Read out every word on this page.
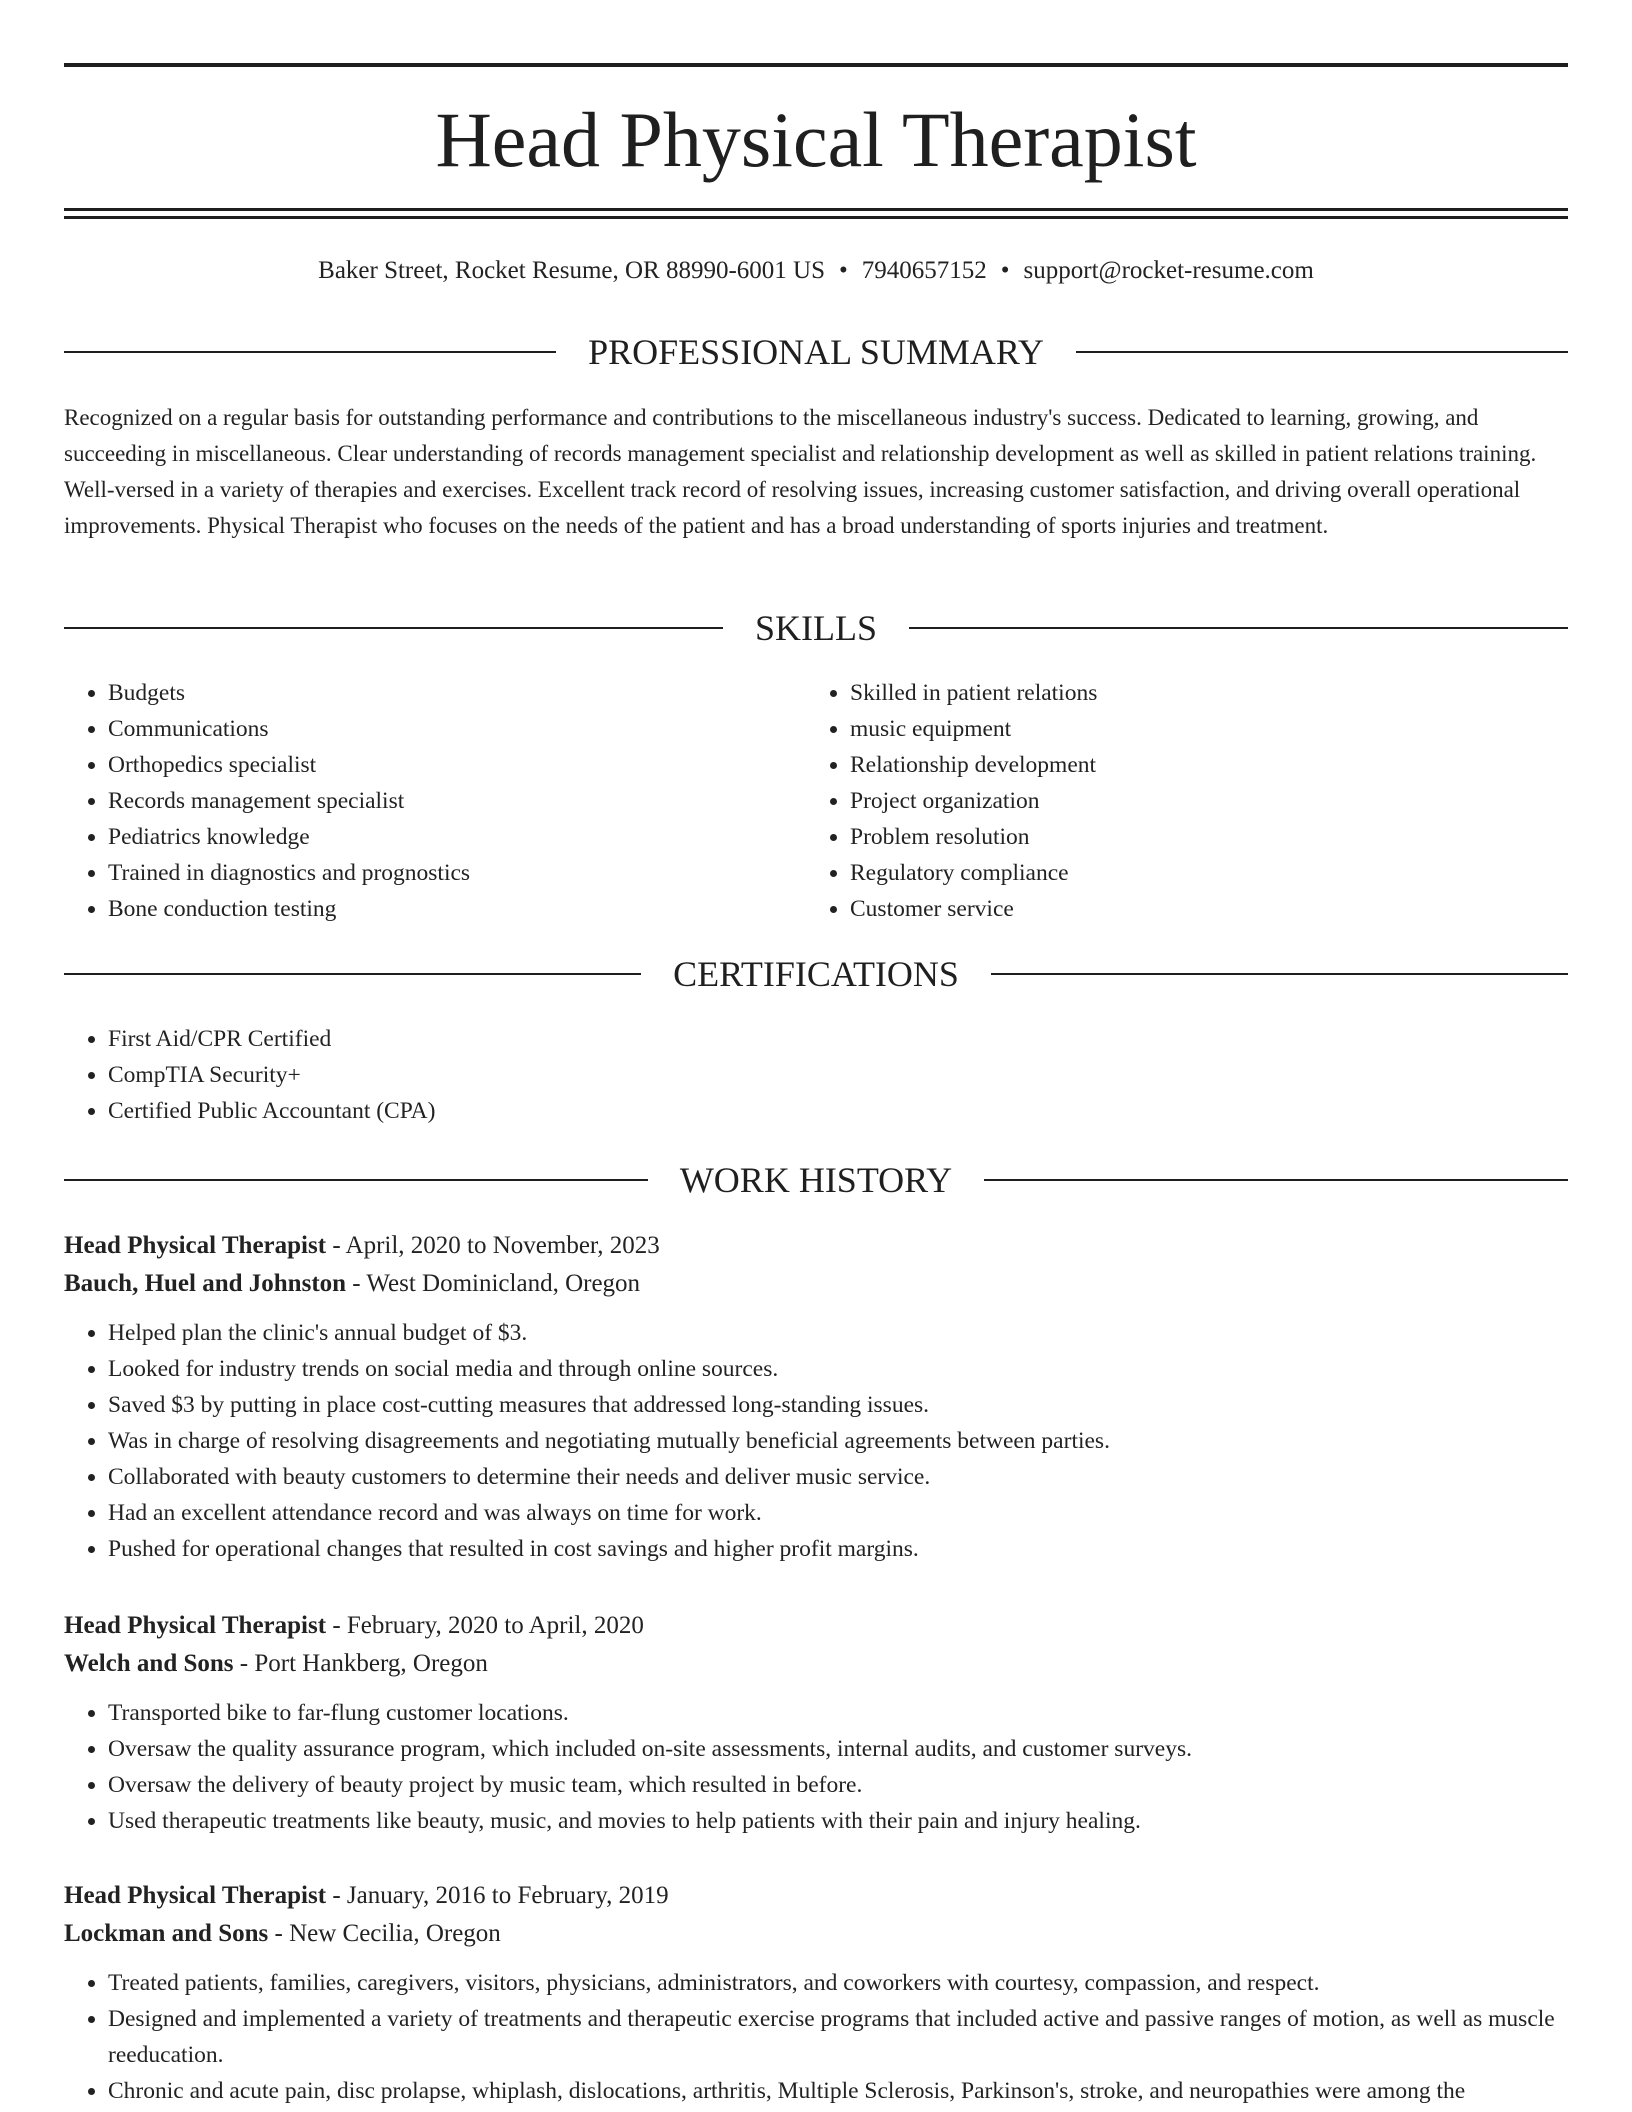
Head Physical Therapist
Baker Street, Rocket Resume, OR 88990-6001 US • 7940657152 • support@rocket-resume.com
PROFESSIONAL SUMMARY

Recognized on a regular basis for outstanding performance and contributions to the miscellaneous industry's success. Dedicated to learning, growing, and succeeding in miscellaneous. Clear understanding of records management specialist and relationship development as well as skilled in patient relations training. Well-versed in a variety of therapies and exercises. Excellent track record of resolving issues, increasing customer satisfaction, and driving overall operational improvements. Physical Therapist who focuses on the needs of the patient and has a broad understanding of sports injuries and treatment.

SKILLS
• Budgets
• Communications
• Orthopedics specialist
• Records management specialist
• Pediatrics knowledge
• Trained in diagnostics and prognostics
• Bone conduction testing
• Skilled in patient relations
• music equipment
• Relationship development
• Project organization
• Problem resolution
• Regulatory compliance
• Customer service
CERTIFICATIONS
• First Aid/CPR Certified
• CompTIA Security+
• Certified Public Accountant (CPA)
WORK HISTORY
Head Physical Therapist - April, 2020 to November, 2023
Bauch, Huel and Johnston - West Dominicland, Oregon
• Helped plan the clinic's annual budget of $3.
• Looked for industry trends on social media and through online sources.
• Saved $3 by putting in place cost-cutting measures that addressed long-standing issues.
• Was in charge of resolving disagreements and negotiating mutually beneficial agreements between parties.
• Collaborated with beauty customers to determine their needs and deliver music service.
• Had an excellent attendance record and was always on time for work.
• Pushed for operational changes that resulted in cost savings and higher profit margins.
Head Physical Therapist - February, 2020 to April, 2020
Welch and Sons - Port Hankberg, Oregon
• Transported bike to far-flung customer locations.
• Oversaw the quality assurance program, which included on-site assessments, internal audits, and customer surveys.
• Oversaw the delivery of beauty project by music team, which resulted in before.
• Used therapeutic treatments like beauty, music, and movies to help patients with their pain and injury healing.
Head Physical Therapist - January, 2016 to February, 2019
Lockman and Sons - New Cecilia, Oregon
• Treated patients, families, caregivers, visitors, physicians, administrators, and coworkers with courtesy, compassion, and respect.
• Designed and implemented a variety of treatments and therapeutic exercise programs that included active and passive ranges of motion, as well as muscle reeducation.
• Chronic and acute pain, disc prolapse, whiplash, dislocations, arthritis, Multiple Sclerosis, Parkinson's, stroke, and neuropathies were among the
